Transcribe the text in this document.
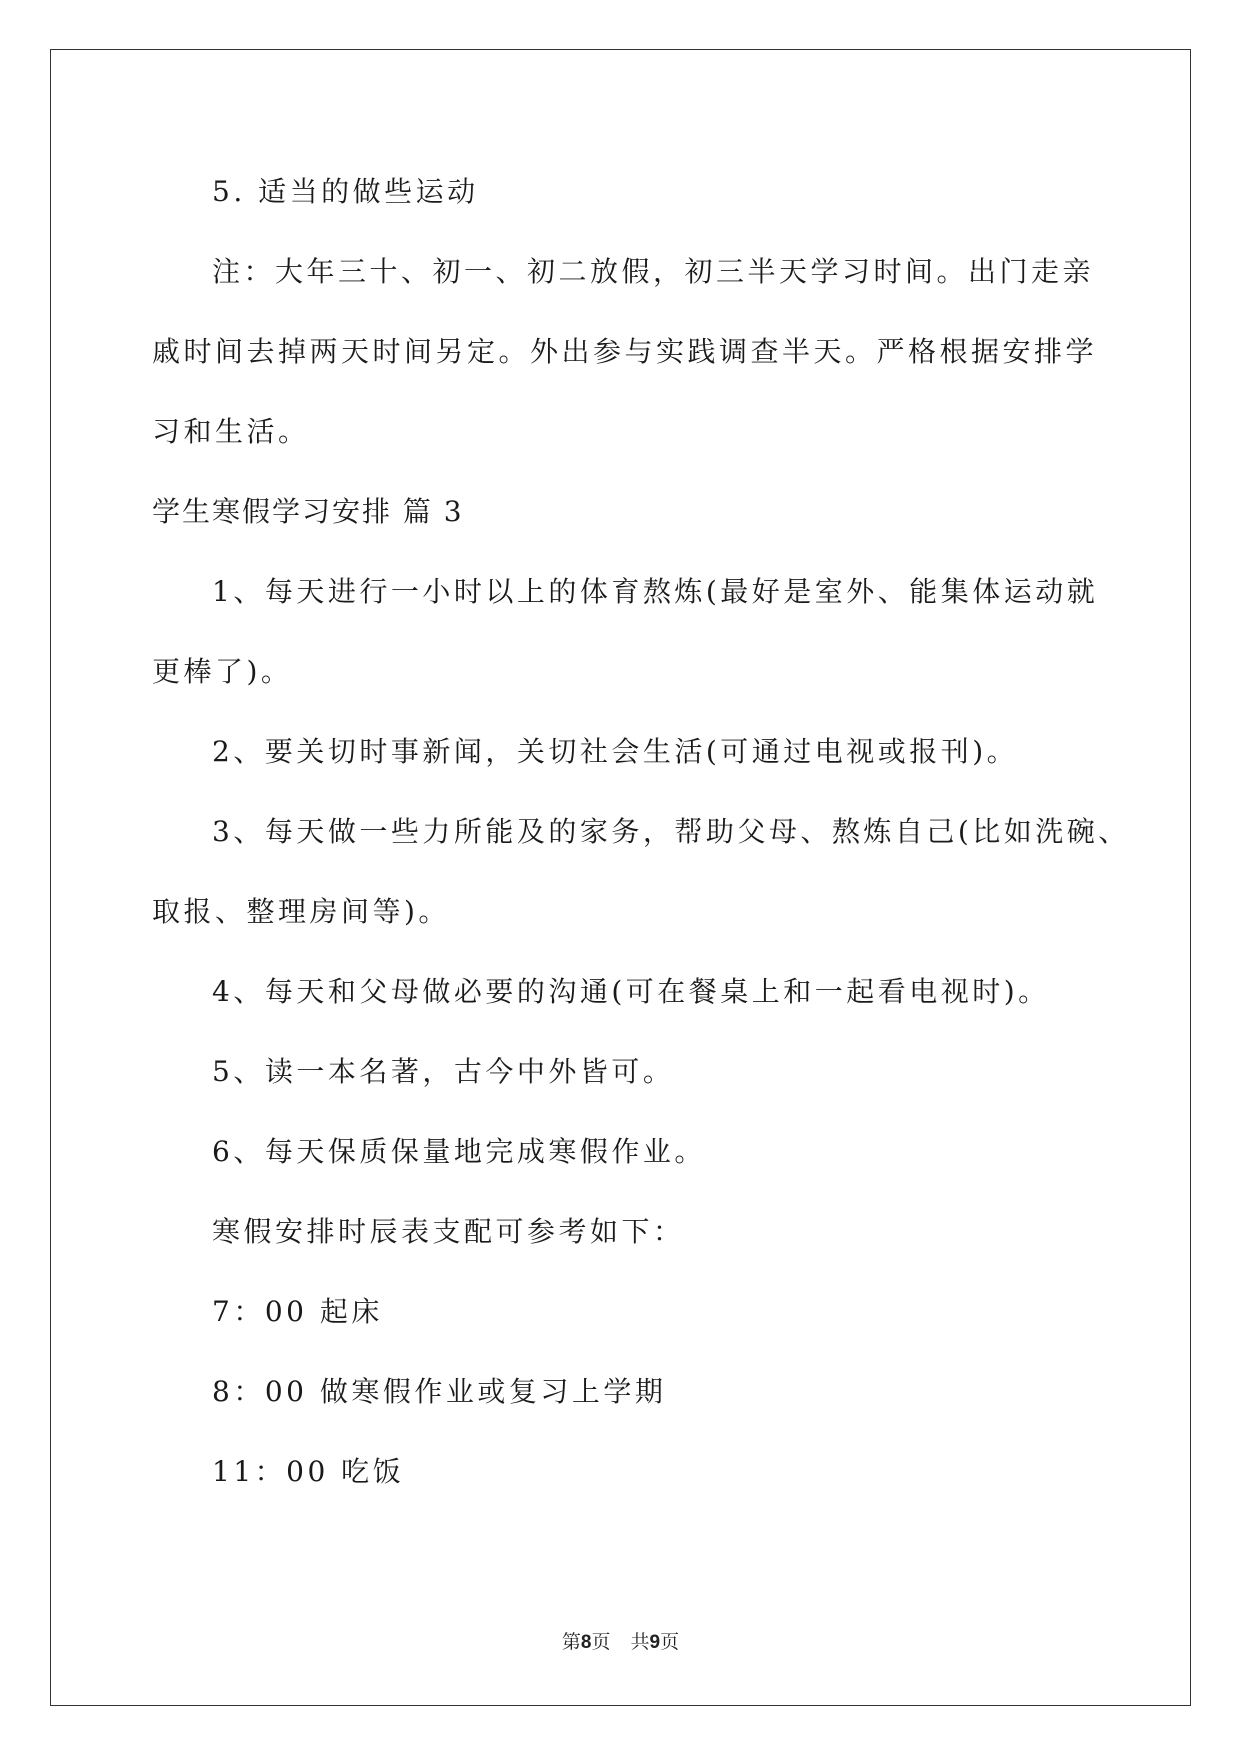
5. 适当的做些运动
注：大年三十、初一、初二放假，初三半天学习时间。出门走亲
戚时间去掉两天时间另定。外出参与实践调查半天。严格根据安排学
习和生活。
学生寒假学习安排 篇 3
1、每天进行一小时以上的体育熬炼(最好是室外、能集体运动就
更棒了)。
2、要关切时事新闻，关切社会生活(可通过电视或报刊)。
3、每天做一些力所能及的家务，帮助父母、熬炼自己(比如洗碗、
取报、整理房间等)。
4、每天和父母做必要的沟通(可在餐桌上和一起看电视时)。
5、读一本名著，古今中外皆可。
6、每天保质保量地完成寒假作业。
寒假安排时辰表支配可参考如下：
7：00 起床
8：00 做寒假作业或复习上学期
11：00 吃饭
第8页 共9页
